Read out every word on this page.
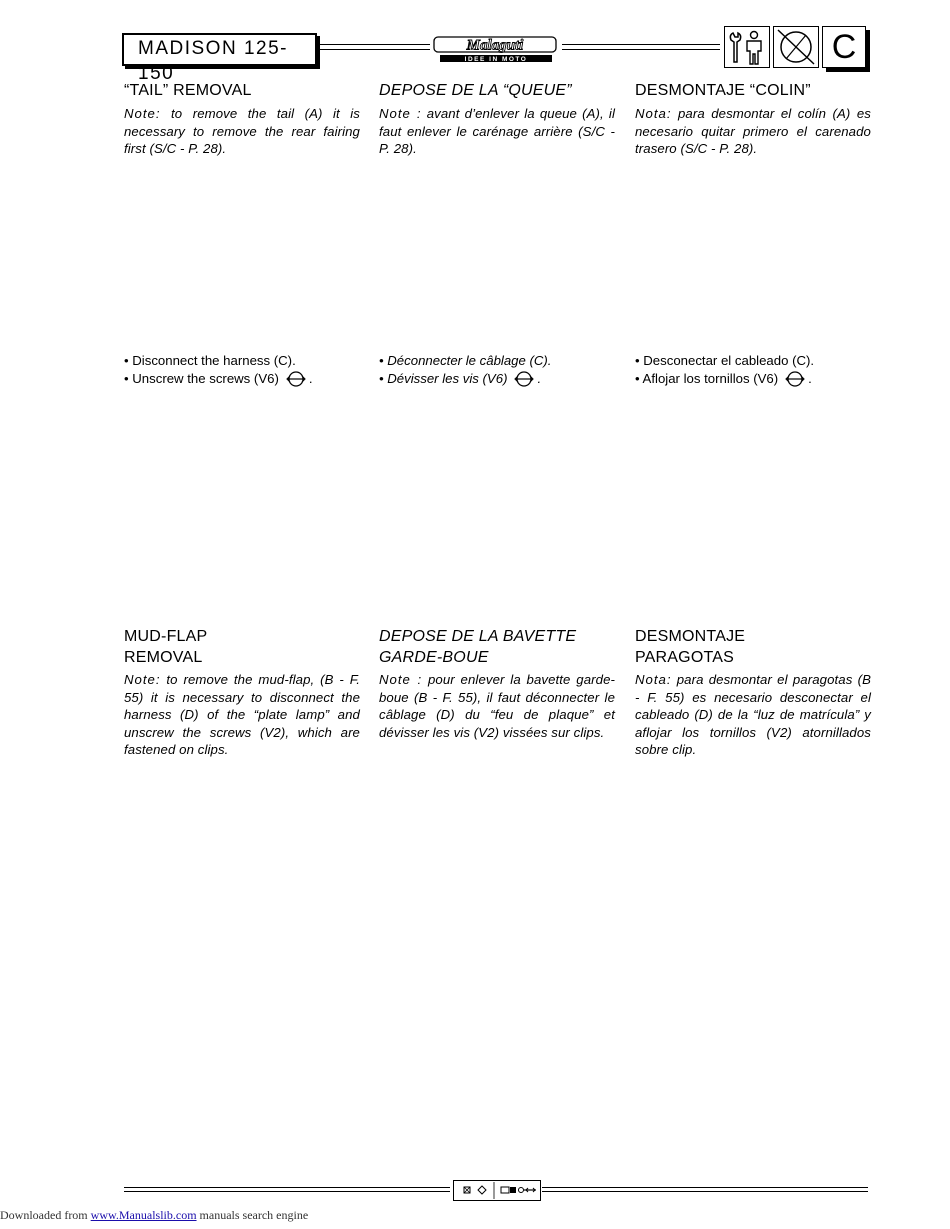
MADISON 125-150
Malaguti
IDEE IN MOTO	C
“TAIL” REMOVAL	DEPOSE DE LA “QUEUE”	DESMONTAJE “COLIN”
Note: to remove the tail (A) it is necessary to remove the rear fairing first (S/C - P. 28).
Note : avant d’enlever la queue (A), il faut enlever le carénage arrière (S/C - P. 28).
Nota: para desmontar el colín (A) es necesario quitar primero el carenado trasero (S/C - P. 28).
• Disconnect the harness (C).
• Unscrew the screws (V6) .
• Déconnecter le câblage (C).
• Dévisser les vis (V6) .
• Desconectar el cableado (C).
• Aflojar los tornillos (V6) .
MUD-FLAP
REMOVAL
DEPOSE DE LA BAVETTE
GARDE-BOUE
DESMONTAJE
PARAGOTAS
Note: to remove the mud-flap, (B - F. 55) it is necessary to disconnect the harness (D) of the “plate lamp” and unscrew the screws (V2), which are fastened on clips.
Note : pour enlever la bavette garde-boue (B - F. 55), il faut déconnecter le câblage (D) du “feu de plaque” et dévisser les vis (V2) vissées sur clips.
Nota: para desmontar el paragotas (B - F. 55) es necesario desconectar el cableado (D) de la “luz de matrícula” y aflojar los tornillos (V2) atornillados sobre clip.
Downloaded from www.Manualslib.com manuals search engine
